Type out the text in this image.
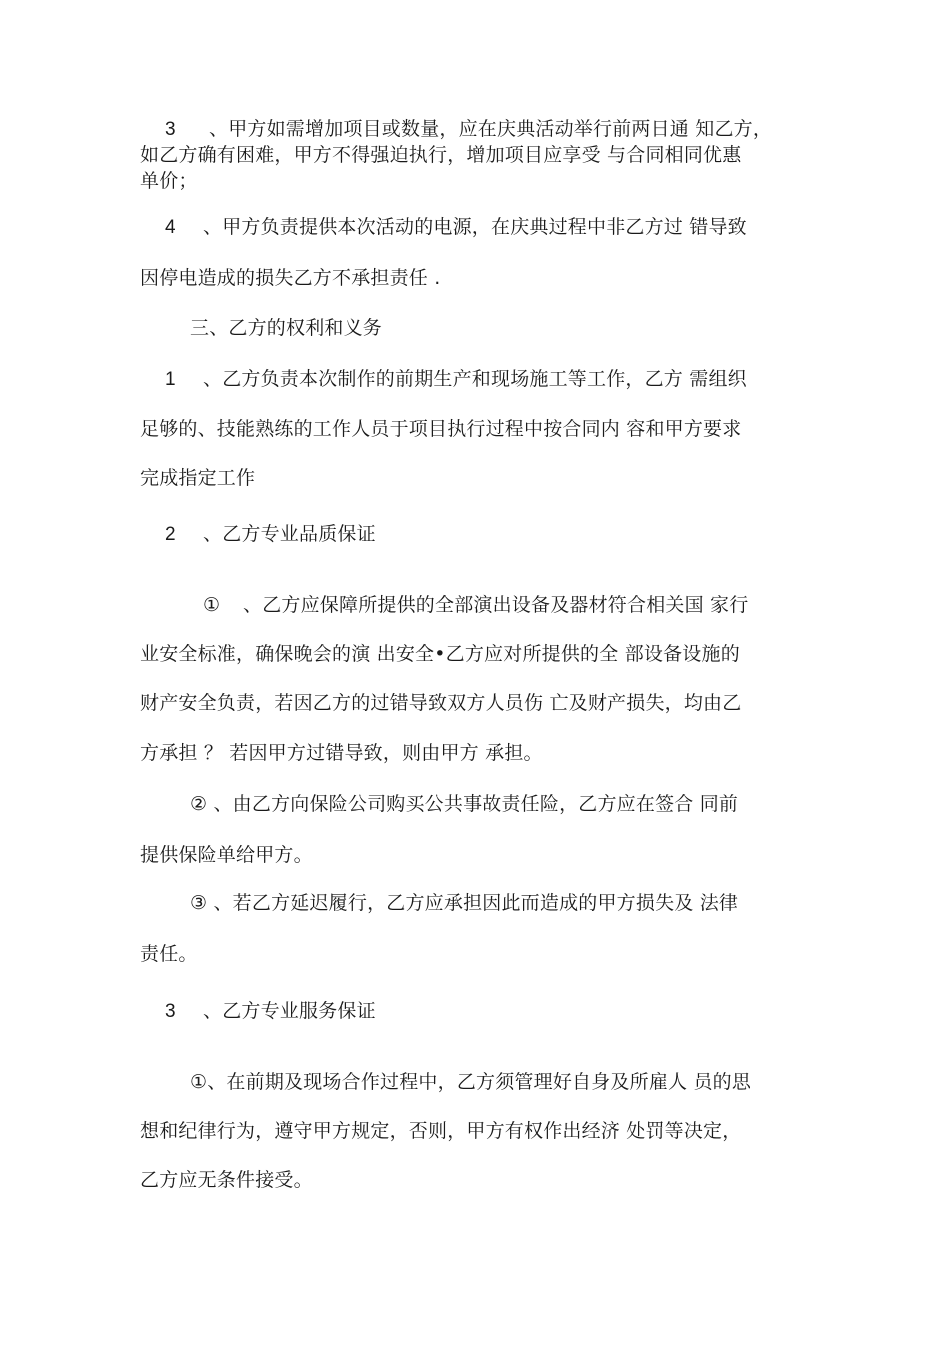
3 、甲方如需增加项目或数量，应在庆典活动举行前两日通 知乙方，
如乙方确有困难，甲方不得强迫执行，增加项目应享受 与合同相同优惠
单价；
4 、甲方负责提供本次活动的电源，在庆典过程中非乙方过 错导致
因停电造成的损失乙方不承担责任 .
三、乙方的权利和义务
1 、乙方负责本次制作的前期生产和现场施工等工作，乙方 需组织
足够的、技能熟练的工作人员于项目执行过程中按合同内 容和甲方要求
完成指定工作
2 、乙方专业品质保证
① 、乙方应保障所提供的全部演出设备及器材符合相关国 家行
业安全标准，确保晚会的演 出安全•乙方应对所提供的全 部设备设施的
财产安全负责，若因乙方的过错导致双方人员伤 亡及财产损失，均由乙
方承担 ？ 若因甲方过错导致，则由甲方 承担。
② 、由乙方向保险公司购买公共事故责任险，乙方应在签合 同前
提供保险单给甲方。
③ 、若乙方延迟履行，乙方应承担因此而造成的甲方损失及 法律
责任。
3 、乙方专业服务保证
①、在前期及现场合作过程中，乙方须管理好自身及所雇人 员的思
想和纪律行为，遵守甲方规定，否则，甲方有权作出经济 处罚等决定，
乙方应无条件接受。
